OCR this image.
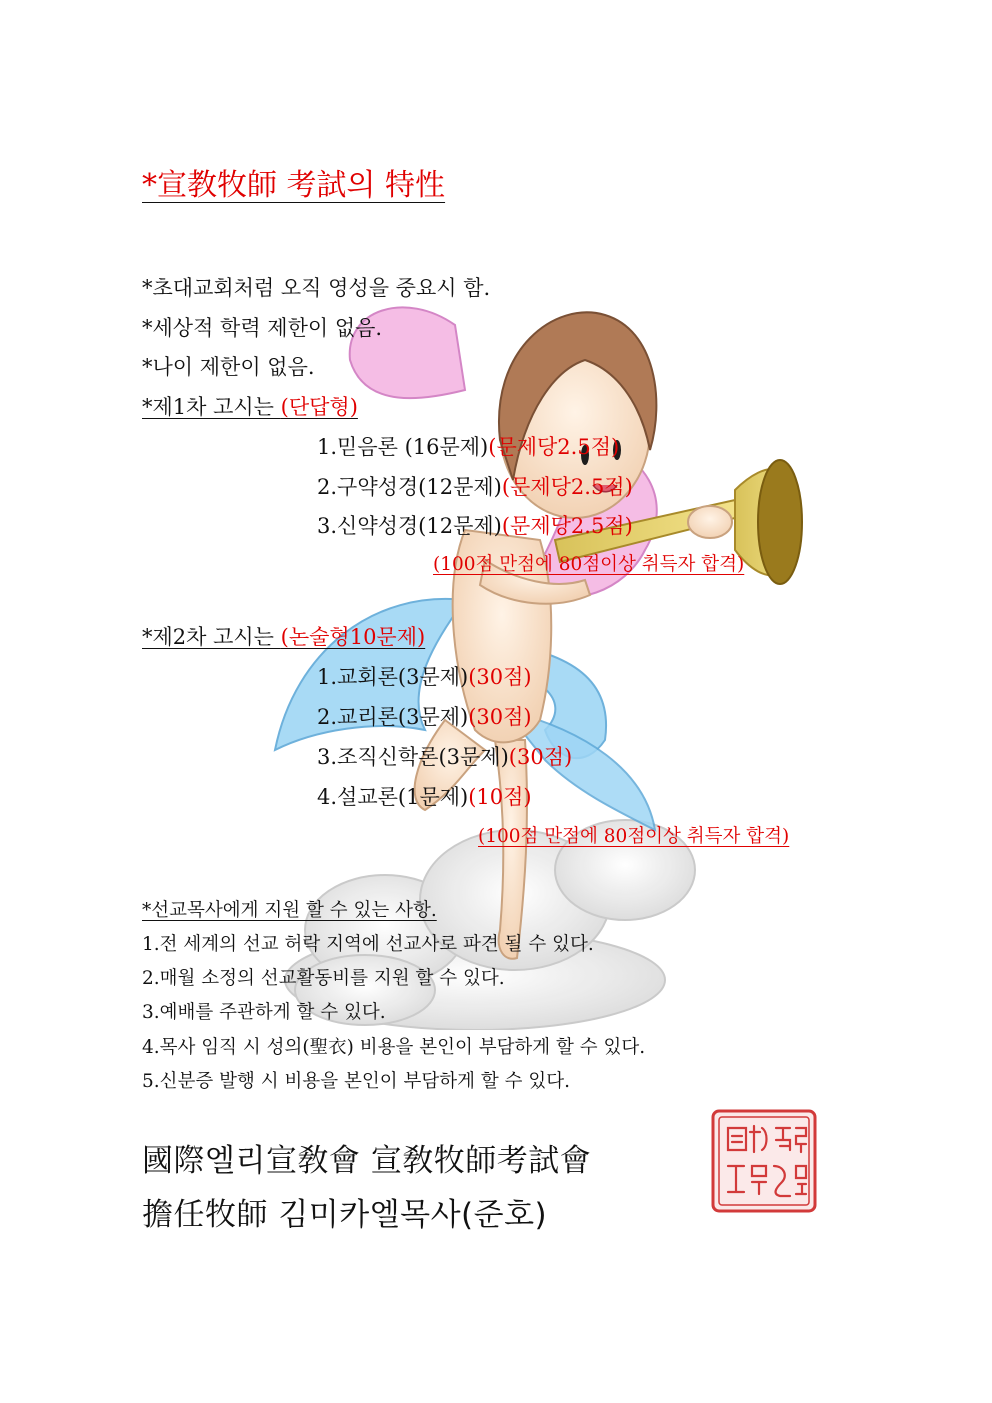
*宣教牧師 考試의 特性
*초대교회처럼 오직 영성을 중요시 함.
*세상적 학력 제한이 없음.
*나이 제한이 없음.
*제1차 고시는 (단답형)
1.믿음론 (16문제)(문제당2.5점)
2.구약성경(12문제)(문제당2.5점)
3.신약성경(12문제)(문제당2.5점)
(100점 만점에 80점이상 취득자 합격)
*제2차 고시는 (논술형10문제)
1.교회론(3문제)(30점)
2.교리론(3문제)(30점)
3.조직신학론(3문제)(30점)
4.설교론(1문제)(10점)
(100점 만점에 80점이상 취득자 합격)
*선교목사에게 지원 할 수 있는 사항.
1.전 세계의 선교 허락 지역에 선교사로 파견 될 수 있다.
2.매월 소정의 선교활동비를 지원 할 수 있다.
3.예배를 주관하게 할 수 있다.
4.목사 임직 시 성의(聖衣) 비용을 본인이 부담하게 할 수 있다.
5.신분증 발행 시 비용을 본인이 부담하게 할 수 있다.
國際엘리宣敎會 宣敎牧師考試會
擔任牧師 김미카엘목사(준호)
